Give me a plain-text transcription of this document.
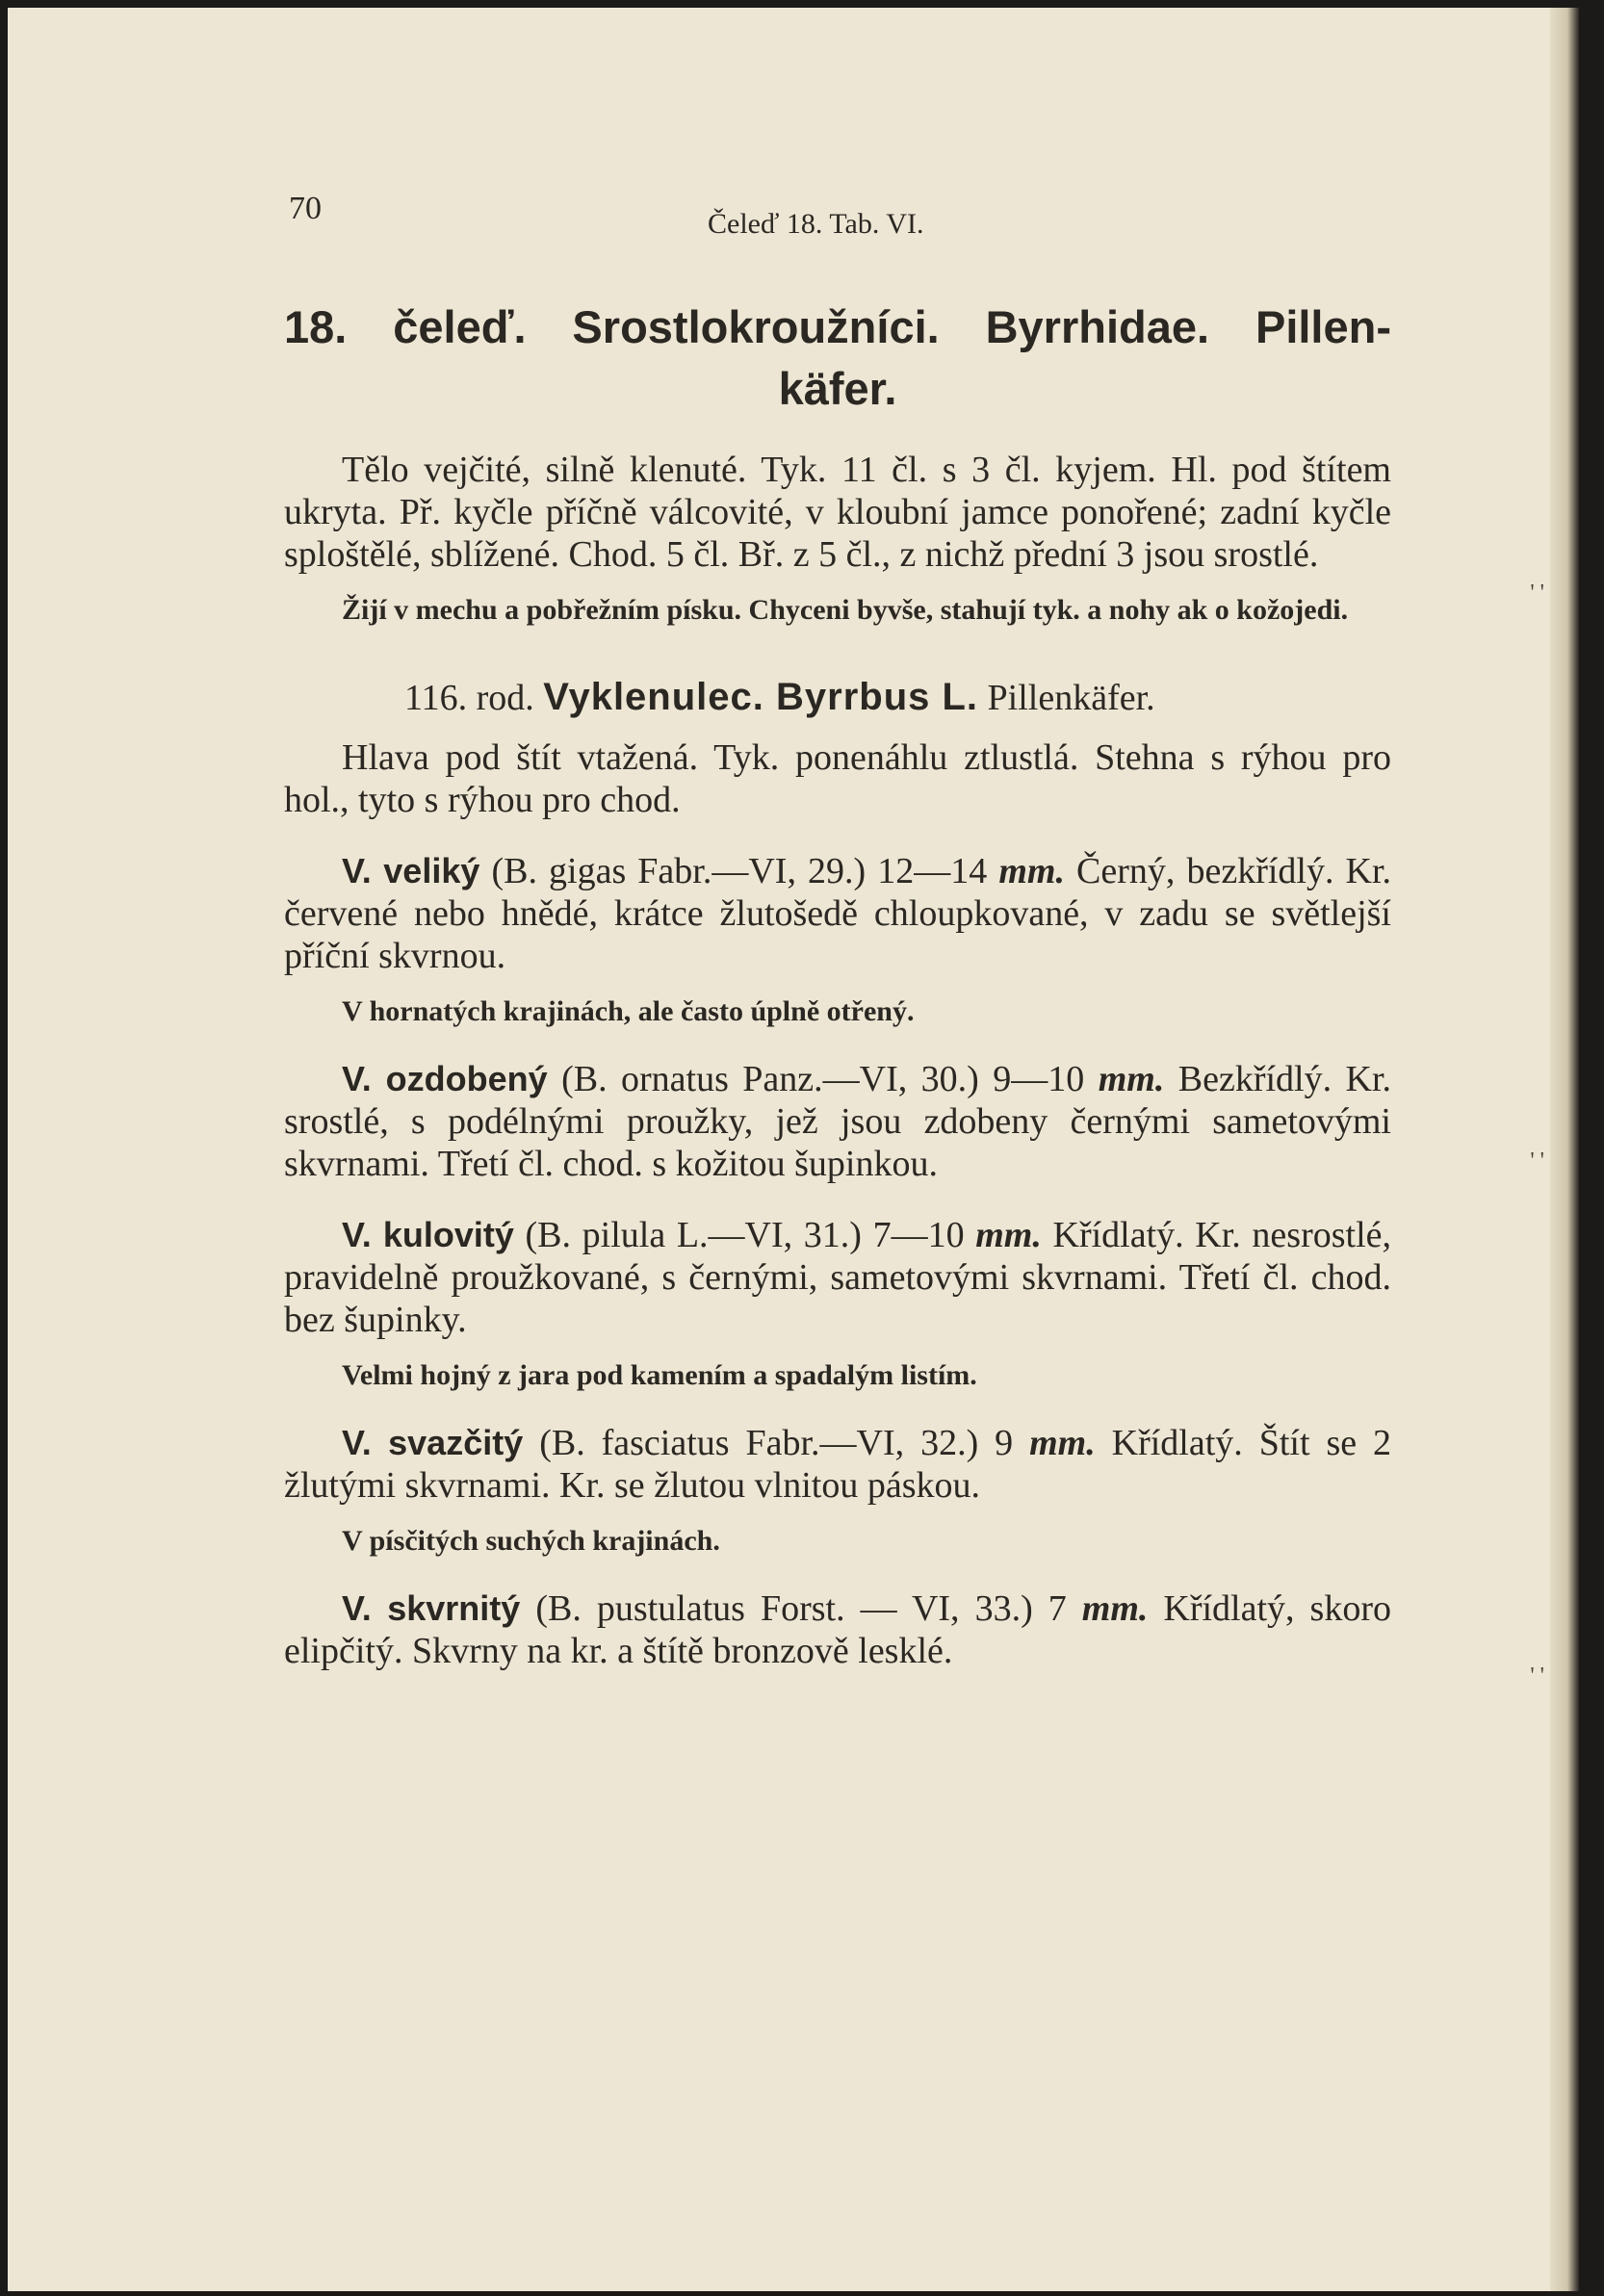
' '
' '
' '
70	Čeleď 18. Tab. VI.
18. čeleď. Srostlokroužníci. Byrrhidae. Pillen-
käfer.

Tělo vejčité, silně klenuté. Tyk. 11 čl. s 3 čl. kyjem. Hl. pod štítem ukryta. Př. kyčle příčně válcovité, v kloubní jamce ponořené; zadní kyčle sploštělé, sblížené. Chod. 5 čl. Bř. z 5 čl., z nichž přední 3 jsou srostlé.

Žijí v mechu a pobřežním písku. Chyceni byvše, stahují tyk. a nohy ak o kožojedi.

116. rod. Vyklenulec. Byrrbus L. Pillenkäfer.

Hlava pod štít vtažená. Tyk. ponenáhlu ztlustlá. Stehna s rýhou pro hol., tyto s rýhou pro chod.

V. veliký (B. gigas Fabr.—VI, 29.) 12—14 mm. Černý, bezkřídlý. Kr. červené nebo hnědé, krátce žlutošedě chloupkované, v zadu se světlejší příční skvrnou.

V hornatých krajinách, ale často úplně otřený.

V. ozdobený (B. ornatus Panz.—VI, 30.) 9—10 mm. Bezkřídlý. Kr. srostlé, s podélnými proužky, jež jsou zdobeny černými sametovými skvrnami. Třetí čl. chod. s kožitou šupinkou.

V. kulovitý (B. pilula L.—VI, 31.) 7—10 mm. Křídlatý. Kr. nesrostlé, pravidelně proužkované, s černými, sametovými skvrnami. Třetí čl. chod. bez šupinky.

Velmi hojný z jara pod kamením a spadalým listím.

V. svazčitý (B. fasciatus Fabr.—VI, 32.) 9 mm. Křídlatý. Štít se 2 žlutými skvrnami. Kr. se žlutou vlnitou páskou.

V písčitých suchých krajinách.

V. skvrnitý (B. pustulatus Forst. — VI, 33.) 7 mm. Křídlatý, skoro elipčitý. Skvrny na kr. a štítě bronzově lesklé.
